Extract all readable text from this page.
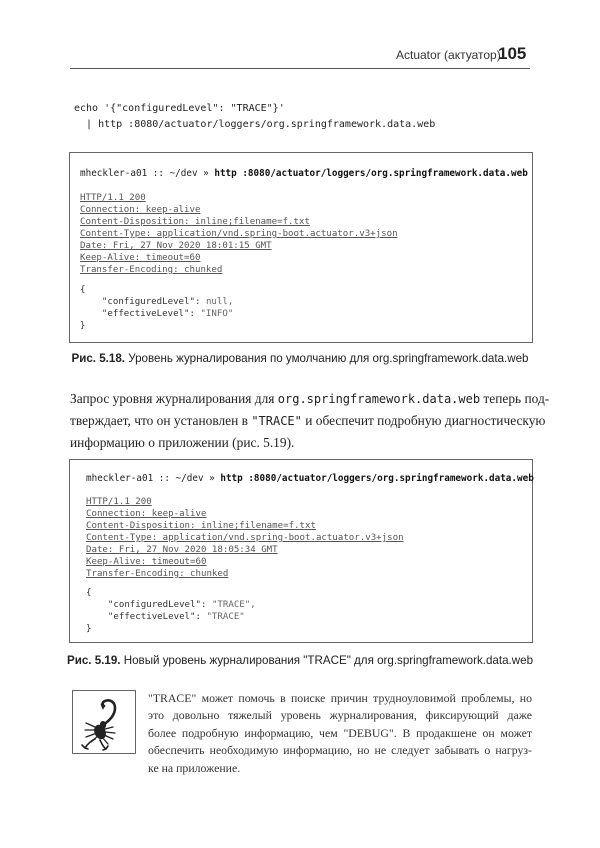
Actuator (актуатор)
105
echo '{"configuredLevel": "TRACE"}'
| http :8080/actuator/loggers/org.springframework.data.web
mheckler-a01 :: ~/dev » http :8080/actuator/loggers/org.springframework.data.web
HTTP/1.1 200
Connection: keep-alive
Content-Disposition: inline;filename=f.txt
Content-Type: application/vnd.spring-boot.actuator.v3+json
Date: Fri, 27 Nov 2020 18:01:15 GMT
Keep-Alive: timeout=60
Transfer-Encoding: chunked
{
"configuredLevel": null,
"effectiveLevel": "INFO"
}
Рис. 5.18. Уровень журналирования по умолчанию для org.springframework.data.web
Запрос уровня журналирования для org.springframework.data.web теперь под-
тверждает, что он установлен в "TRACE" и обеспечит подробную диагностическую
информацию о приложении (рис. 5.19).
mheckler-a01 :: ~/dev » http :8080/actuator/loggers/org.springframework.data.web
HTTP/1.1 200
Connection: keep-alive
Content-Disposition: inline;filename=f.txt
Content-Type: application/vnd.spring-boot.actuator.v3+json
Date: Fri, 27 Nov 2020 18:05:34 GMT
Keep-Alive: timeout=60
Transfer-Encoding: chunked
{
"configuredLevel": "TRACE",
"effectiveLevel": "TRACE"
}
Рис. 5.19. Новый уровень журналирования "TRACE" для org.springframework.data.web
"TRACE" может помочь в поиске причин трудноуловимой проблемы, но
это довольно тяжелый уровень журналирования, фиксирующий даже
более подробную информацию, чем "DEBUG". В продакшене он может
обеспечить необходимую информацию, но не следует забывать о нагруз-
ке на приложение.
